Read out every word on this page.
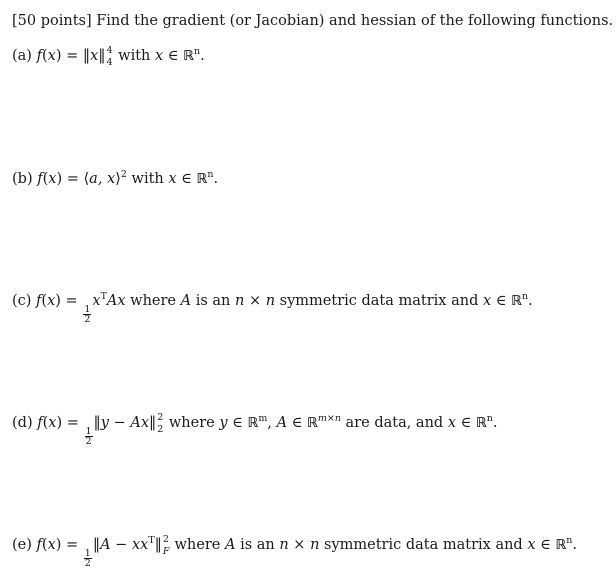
[50 points] Find the gradient (or Jacobian) and hessian of the following functions.
(a) f(x) = ‖x‖ 4
4 with x ∈ ℝ$^n$.
(b) f(x) = ⟨a, x⟩$^2$ with x ∈ ℝ$^n$.
(c) f(x) =
$\frac{1}{2}$
$x^TAx$ where A is an n × n symmetric data matrix and x ∈ ℝ$^n$.
(d) f(x) =
$\frac{1}{2}$
‖y − Ax‖ 2
2 where y ∈ ℝ$^m$, A ∈ ℝ$^{m\times n}$ are data, and x ∈ ℝ$^n$.
(e) f(x) =
$\frac{1}{2}$
‖A − $xx^T‖$ 2
F where A is an n × n symmetric data matrix and x ∈ ℝ$^n$.
